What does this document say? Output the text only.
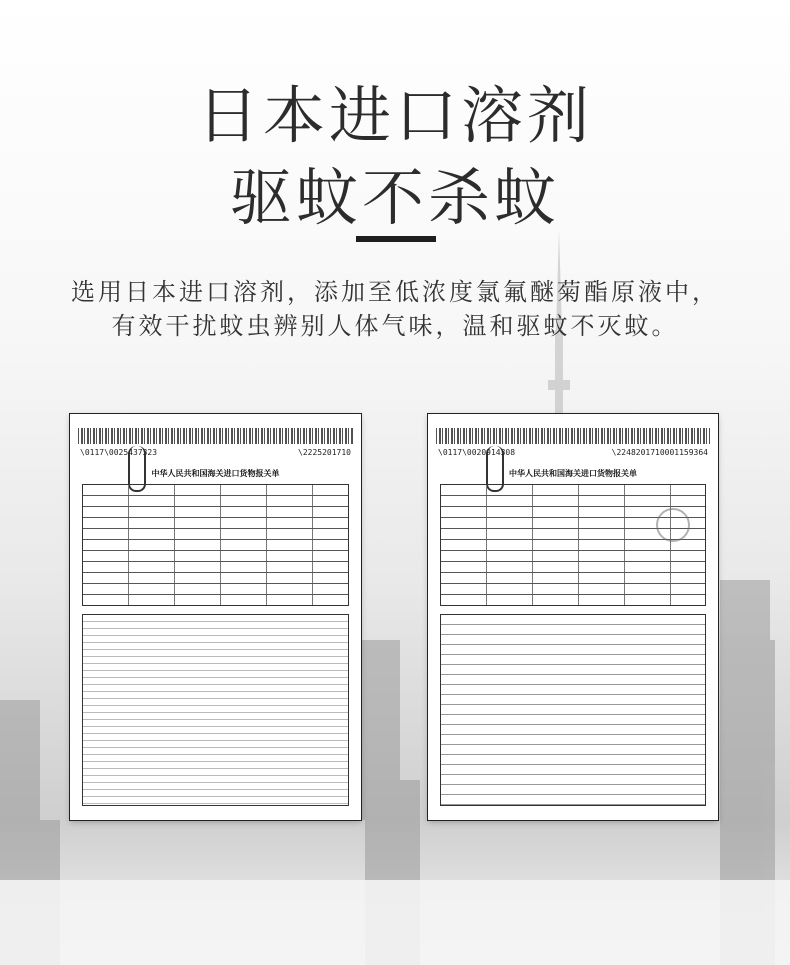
日本进口溶剂
驱蚊不杀蚊
选用日本进口溶剂，添加至低浓度氯氟醚菊酯原液中，
有效干扰蚊虫辨别人体气味，温和驱蚊不灭蚊。
\0117\0025437323	\2225201710
中华人民共和国海关进口货物报关单
\0117\0020914308	\2248201710001159364
中华人民共和国海关进口货物报关单
